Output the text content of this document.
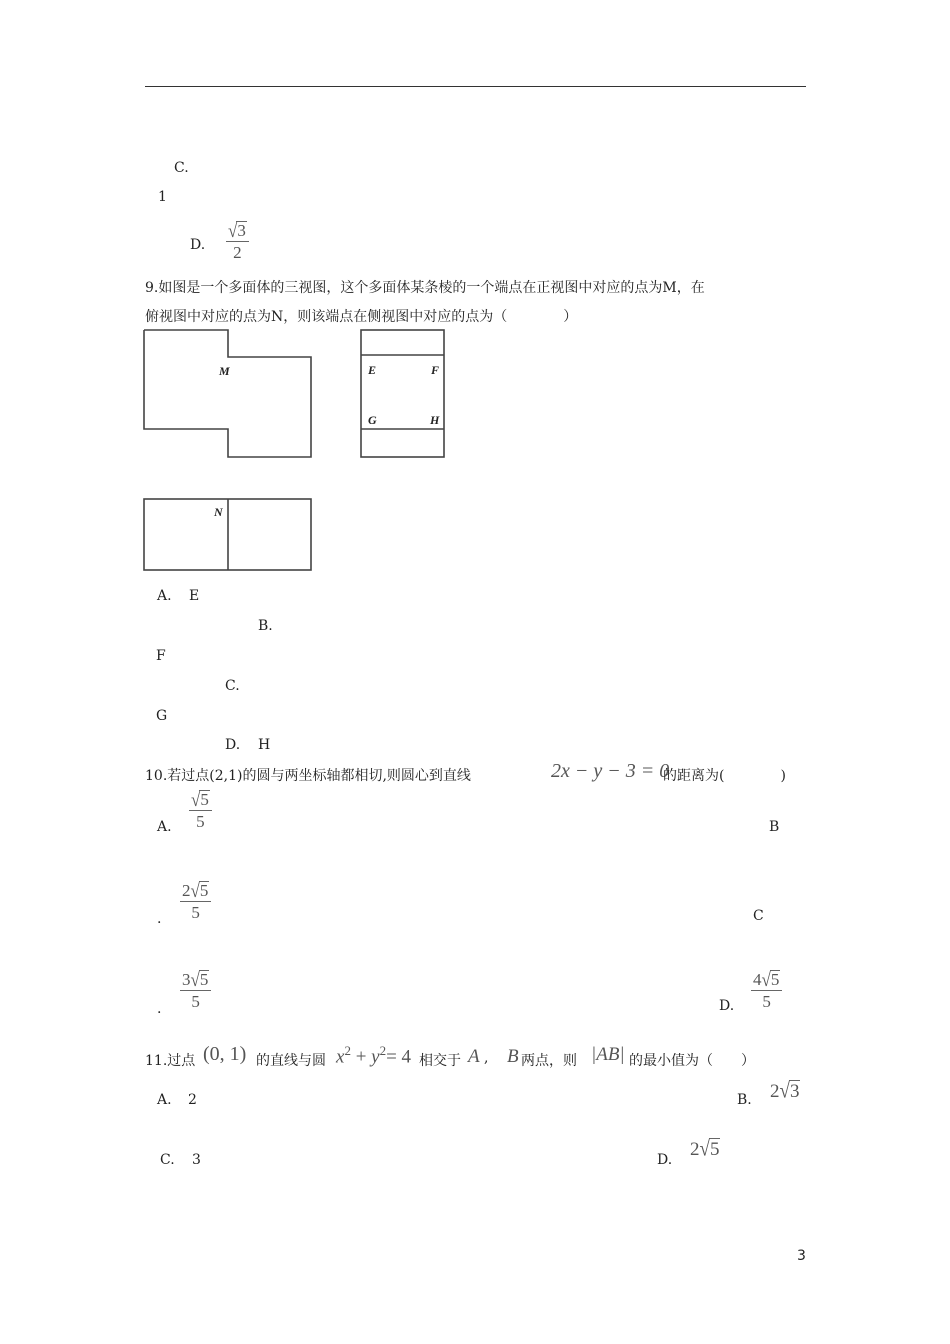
C.
1
D.
√3
2
9.如图是一个多面体的三视图，这个多面体某条棱的一个端点在正视图中对应的点为M，在
俯视图中对应的点为N，则该端点在侧视图中对应的点为（　　　　）
M	E	F
G	H
N
A. E
B.
F
C.
G
D. H
10.若过点(2,1)的圆与两坐标轴都相切,则圆心到直线	2x − y − 3 = 0
的距离为(　　　　)
A.
√5
5	B
.
2√5
5	C
.
3√5
5	D.
4√5
5
11.过点 (0, 1) 的直线与圆 $x^2 + y^2= 4$ 相交于 A , B 两点，则 |AB| 的最小值为（　　）
A. 2	B. 2√3
C. 3	D. 2√5
3
